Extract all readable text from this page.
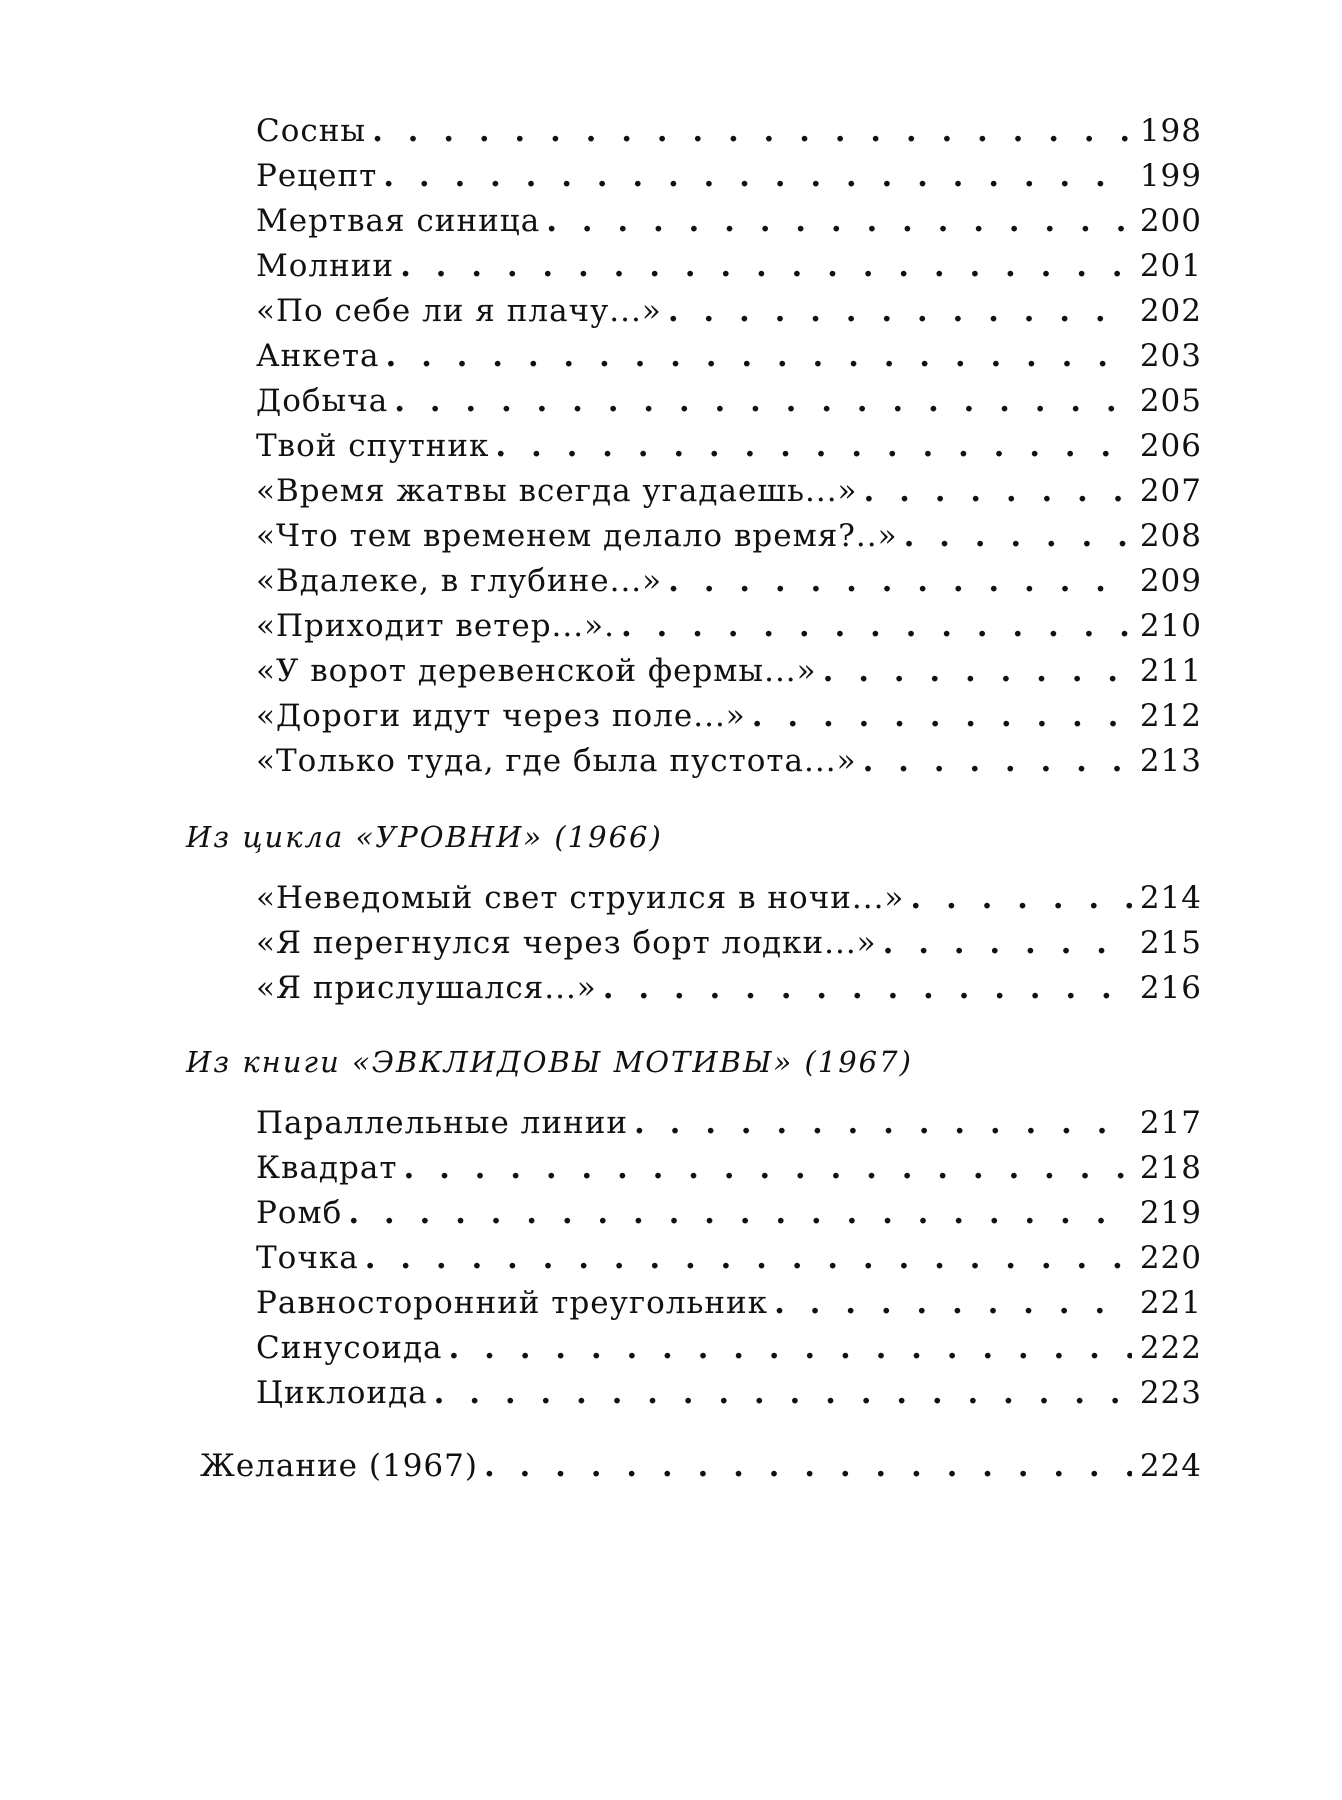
Сосны . . .	198
Рецепт . . .	199
Мертвая синица . . .	200
Молнии . . .	201
«По себе ли я плачу...» . . .	202
Анкета . . .	203
Добыча . . .	205
Твой спутник . . .	206
«Время жатвы всегда угадаешь...» . . .	207
«Что тем временем делало время?..» . . .	208
«Вдалеке, в глубине...» . . .	209
«Приходит ветер...». . . .	210
«У ворот деревенской фермы...» . . .	211
«Дороги идут через поле...» . . .	212
«Только туда, где была пустота...» . . .	213
Из цикла «УРОВНИ» (1966)
«Неведомый свет струился в ночи...» . . .	214
«Я перегнулся через борт лодки...» . . .	215
«Я прислушался...» . . .	216
Из книги «ЭВКЛИДОВЫ МОТИВЫ» (1967)
Параллельные линии . . .	217
Квадрат . . .	218
Ромб . . .	219
Точка . . .	220
Равносторонний треугольник . . .	221
Синусоида . . .	222
Циклоида . . .	223
Желание (1967) . . .	224
